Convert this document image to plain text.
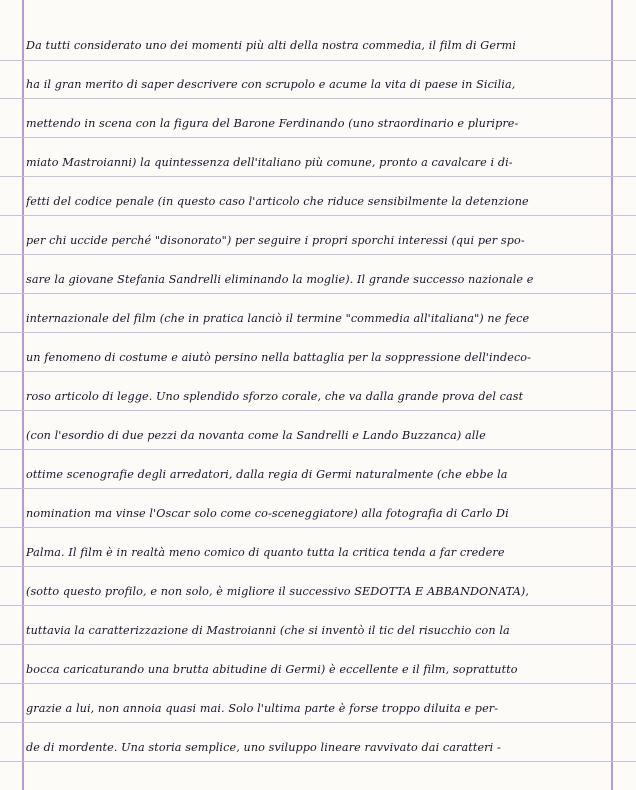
Da tutti considerato uno dei momenti più alti della nostra commedia, il film di Germi
ha il gran merito di saper descrivere con scrupolo e acume la vita di paese in Sicilia,
mettendo in scena con la figura del Barone Ferdinando (uno straordinario e pluripre-
miato Mastroianni) la quintessenza dell'italiano più comune, pronto a cavalcare i di-
fetti del codice penale (in questo caso l'articolo che riduce sensibilmente la detenzione
per chi uccide perché "disonorato") per seguire i propri sporchi interessi (qui per spo-
sare la giovane Stefania Sandrelli eliminando la moglie). Il grande successo nazionale e
internazionale del film (che in pratica lanciò il termine "commedia all'italiana") ne fece
un fenomeno di costume e aiutò persino nella battaglia per la soppressione dell'indeco-
roso articolo di legge. Uno splendido sforzo corale, che va dalla grande prova del cast
(con l'esordio di due pezzi da novanta come la Sandrelli e Lando Buzzanca) alle
ottime scenografie degli arredatori, dalla regia di Germi naturalmente (che ebbe la
nomination ma vinse l'Oscar solo come co-sceneggiatore) alla fotografia di Carlo Di
Palma. Il film è in realtà meno comico di quanto tutta la critica tenda a far credere
(sotto questo profilo, e non solo, è migliore il successivo SEDOTTA E ABBANDONATA),
tuttavia la caratterizzazione di Mastroianni (che si inventò il tic del risucchio con la
bocca caricaturando una brutta abitudine di Germi) è eccellente e il film, soprattutto
grazie a lui, non annoia quasi mai. Solo l'ultima parte è forse troppo diluita e per-
de di mordente. Una storia semplice, uno sviluppo lineare ravvivato dai caratteri -
